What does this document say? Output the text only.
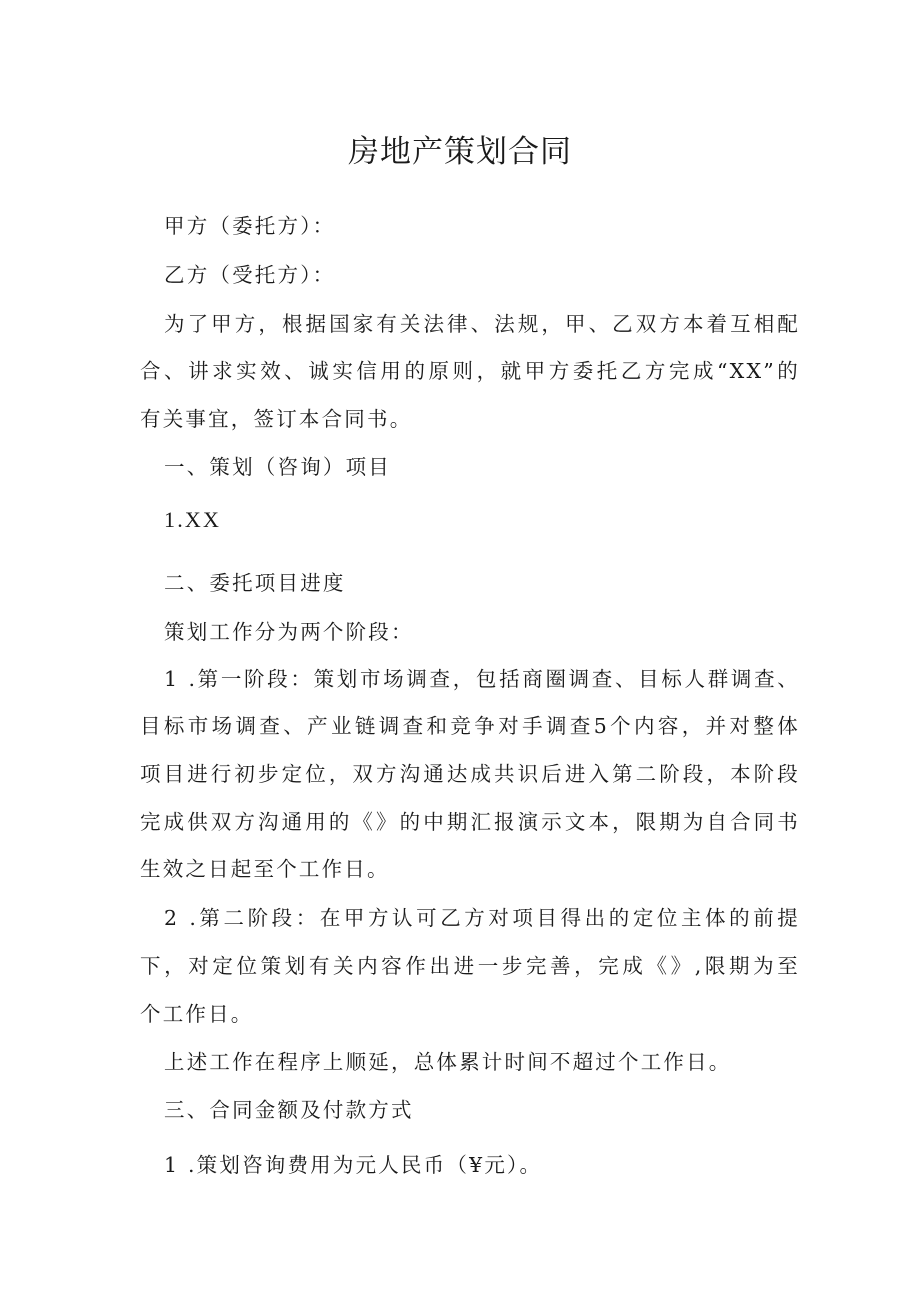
房地产策划合同
甲方（委托方）：
乙方（受托方）：
为了甲方，根据国家有关法律、法规，甲、乙双方本着互相配
合、讲求实效、诚实信用的原则，就甲方委托乙方完成“XX”的
有关事宜，签订本合同书。
一、策划（咨询）项目
1.XX
二、委托项目进度
策划工作分为两个阶段：
1 .第一阶段：策划市场调查，包括商圈调查、目标人群调查、
目标市场调查、产业链调查和竞争对手调查5个内容，并对整体
项目进行初步定位，双方沟通达成共识后进入第二阶段，本阶段
完成供双方沟通用的《》的中期汇报演示文本，限期为自合同书
生效之日起至个工作日。
2 .第二阶段：在甲方认可乙方对项目得出的定位主体的前提
下，对定位策划有关内容作出进一步完善，完成《》,限期为至
个工作日。
上述工作在程序上顺延，总体累计时间不超过个工作日。
三、合同金额及付款方式
1 .策划咨询费用为元人民币（¥元）。
